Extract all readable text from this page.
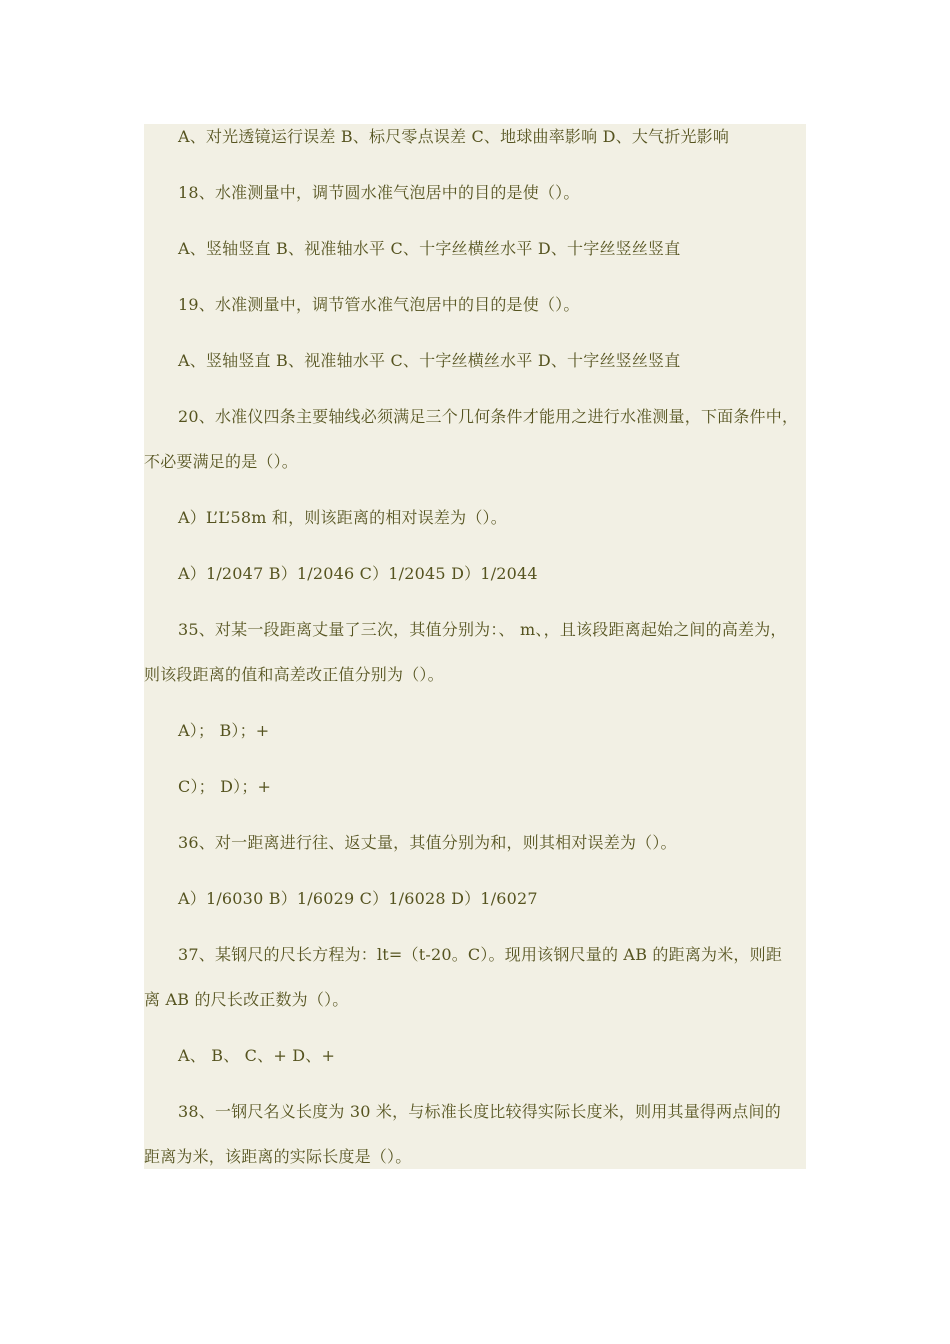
A、对光透镜运行误差 B、标尺零点误差 C、地球曲率影响 D、大气折光影响
18、水准测量中，调节圆水准气泡居中的目的是使（）。
A、竖轴竖直 B、视准轴水平 C、十字丝横丝水平 D、十字丝竖丝竖直
19、水准测量中，调节管水准气泡居中的目的是使（）。
A、竖轴竖直 B、视准轴水平 C、十字丝横丝水平 D、十字丝竖丝竖直
20、水准仪四条主要轴线必须满足三个几何条件才能用之进行水准测量，下面条件中，
不必要满足的是（）。
A）L’L’58m 和，则该距离的相对误差为（）。
A）1/2047 B）1/2046 C）1/2045 D）1/2044
35、对某一段距离丈量了三次，其值分别为：、 m、，且该段距离起始之间的高差为，
则该段距离的值和高差改正值分别为（）。
A）； B）；+
C）； D）；+
36、对一距离进行往、返丈量，其值分别为和，则其相对误差为（）。
A）1/6030 B）1/6029 C）1/6028 D）1/6027
37、某钢尺的尺长方程为：lt=（t-20。C）。现用该钢尺量的 AB 的距离为米，则距
离 AB 的尺长改正数为（）。
A、 B、 C、+ D、+
38、一钢尺名义长度为 30 米，与标准长度比较得实际长度米，则用其量得两点间的
距离为米，该距离的实际长度是（）。
